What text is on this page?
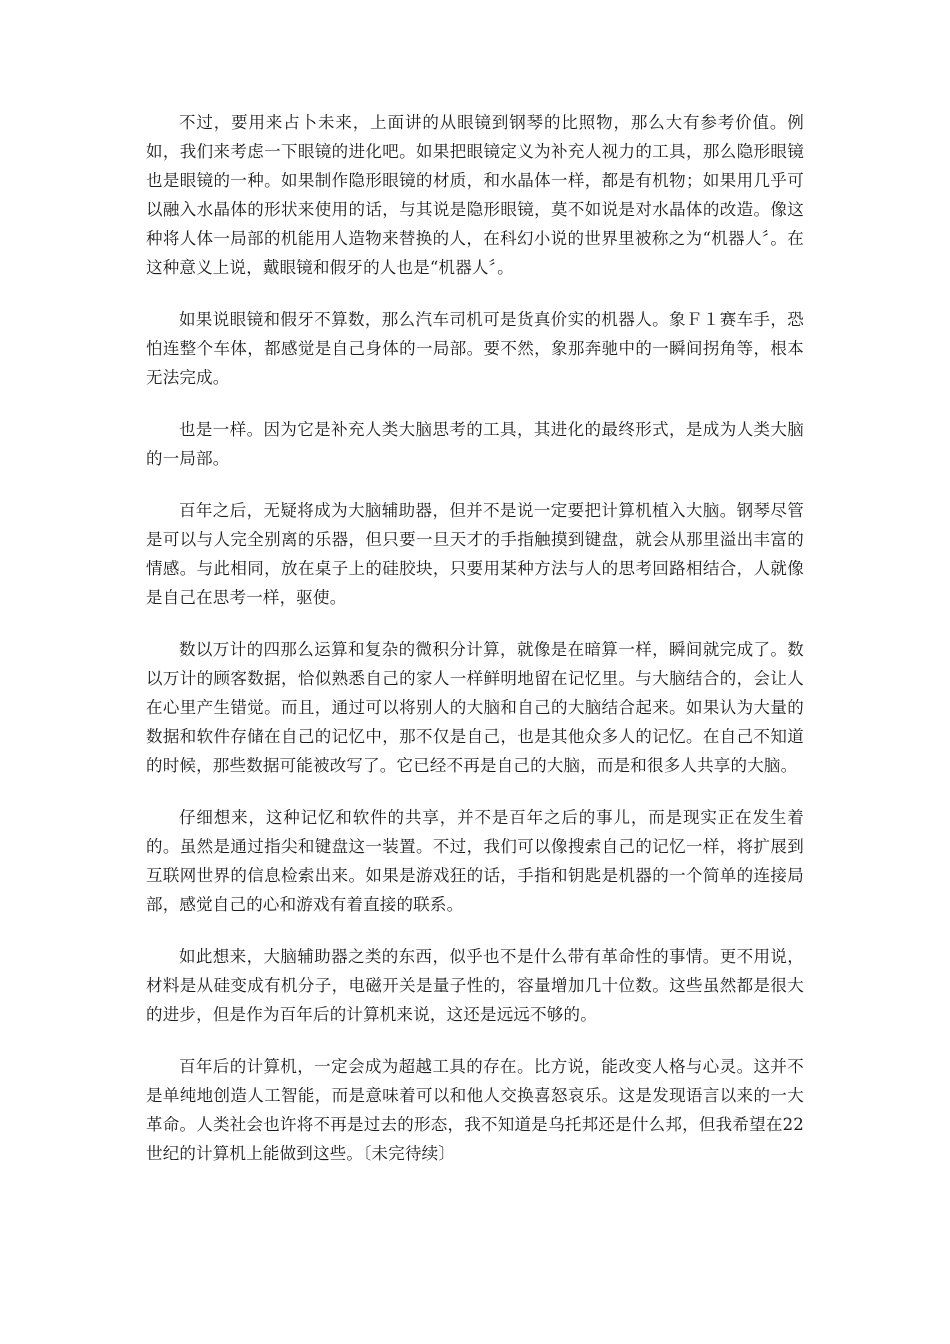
不过，要用来占卜未来，上面讲的从眼镜到钢琴的比照物，那么大有参考价值。例如，我们来考虑一下眼镜的进化吧。如果把眼镜定义为补充人视力的工具，那么隐形眼镜也是眼镜的一种。如果制作隐形眼镜的材质，和水晶体一样，都是有机物；如果用几乎可以融入水晶体的形状来使用的话，与其说是隐形眼镜，莫不如说是对水晶体的改造。像这种将人体一局部的机能用人造物来替换的人，在科幻小说的世界里被称之为“机器人〞。在这种意义上说，戴眼镜和假牙的人也是“机器人〞。

如果说眼镜和假牙不算数，那么汽车司机可是货真价实的机器人。象Ｆ１赛车手，恐怕连整个车体，都感觉是自己身体的一局部。要不然，象那奔驰中的一瞬间拐角等，根本无法完成。

也是一样。因为它是补充人类大脑思考的工具，其进化的最终形式，是成为人类大脑的一局部。

百年之后，无疑将成为大脑辅助器，但并不是说一定要把计算机植入大脑。钢琴尽管是可以与人完全别离的乐器，但只要一旦天才的手指触摸到键盘，就会从那里溢出丰富的情感。与此相同，放在桌子上的硅胶块，只要用某种方法与人的思考回路相结合，人就像是自己在思考一样，驱使。

数以万计的四那么运算和复杂的微积分计算，就像是在暗算一样，瞬间就完成了。数以万计的顾客数据，恰似熟悉自己的家人一样鲜明地留在记忆里。与大脑结合的，会让人在心里产生错觉。而且，通过可以将别人的大脑和自己的大脑结合起来。如果认为大量的数据和软件存储在自己的记忆中，那不仅是自己，也是其他众多人的记忆。在自己不知道的时候，那些数据可能被改写了。它已经不再是自己的大脑，而是和很多人共享的大脑。

仔细想来，这种记忆和软件的共享，并不是百年之后的事儿，而是现实正在发生着的。虽然是通过指尖和键盘这一装置。不过，我们可以像搜索自己的记忆一样，将扩展到互联网世界的信息检索出来。如果是游戏狂的话，手指和钥匙是机器的一个简单的连接局部，感觉自己的心和游戏有着直接的联系。

如此想来，大脑辅助器之类的东西，似乎也不是什么带有革命性的事情。更不用说，材料是从硅变成有机分子，电磁开关是量子性的，容量增加几十位数。这些虽然都是很大的进步，但是作为百年后的计算机来说，这还是远远不够的。

百年后的计算机，一定会成为超越工具的存在。比方说，能改变人格与心灵。这并不是单纯地创造人工智能，而是意味着可以和他人交换喜怒哀乐。这是发现语言以来的一大革命。人类社会也许将不再是过去的形态，我不知道是乌托邦还是什么邦，但我希望在22世纪的计算机上能做到这些。〔未完待续〕
